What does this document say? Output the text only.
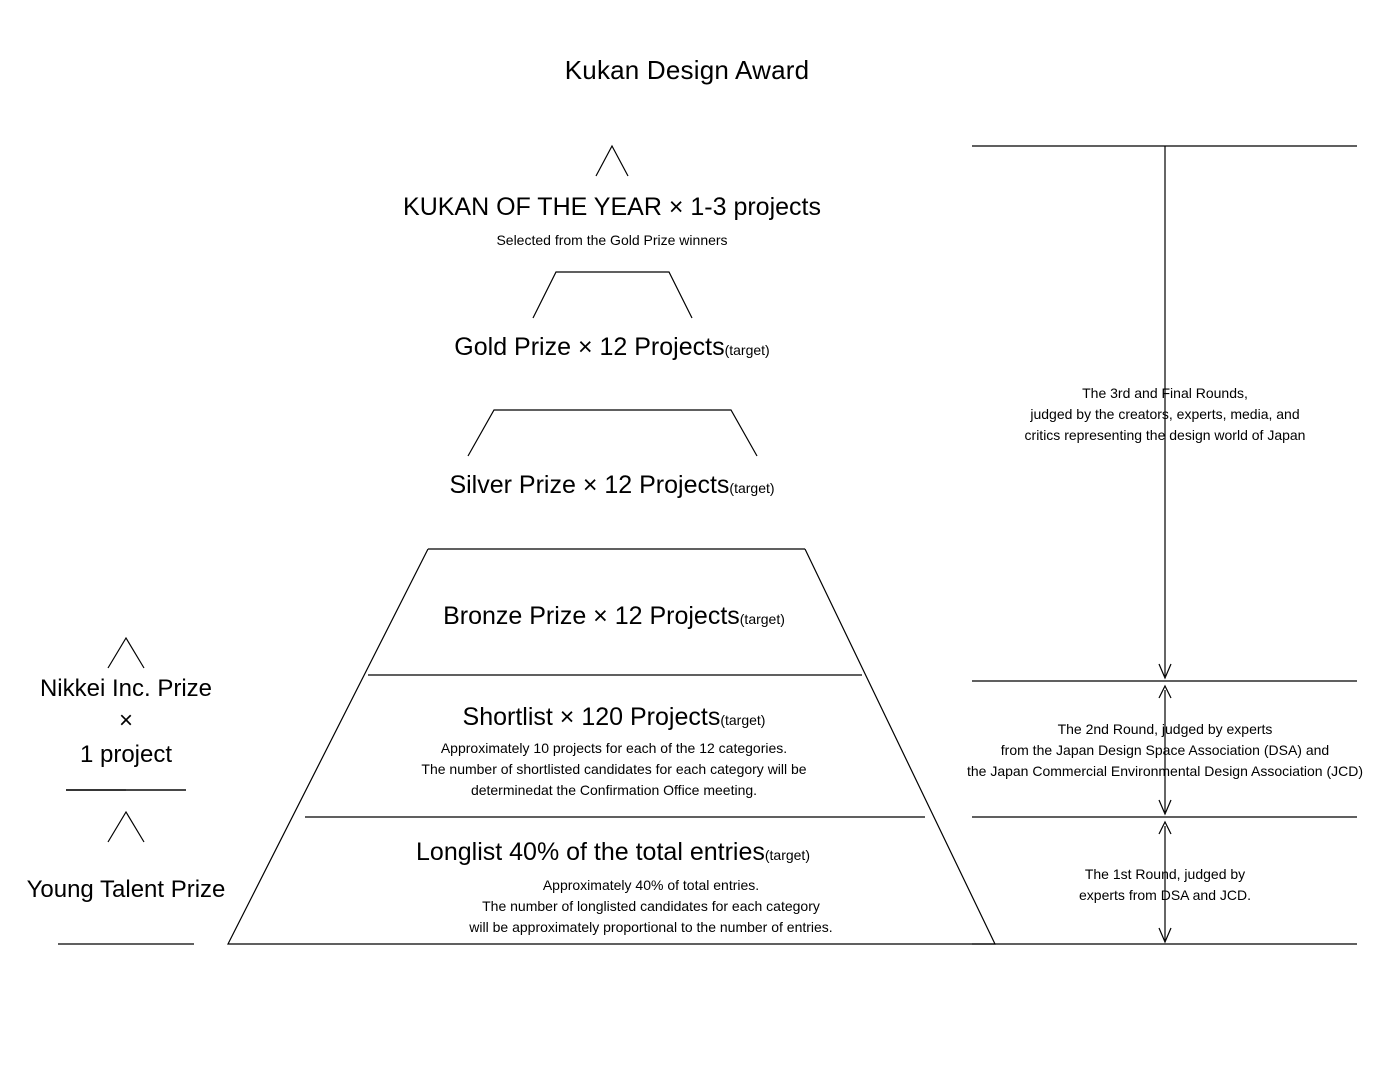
Kukan Design Award
KUKAN OF THE YEAR × 1-3 projects
Selected from the Gold Prize winners
Gold Prize × 12 Projects(target)
Silver Prize × 12 Projects(target)
Bronze Prize × 12 Projects(target)
Shortlist × 120 Projects(target)
Approximately 10 projects for each of the 12 categories.
The number of shortlisted candidates for each category will be
determinedat the Confirmation Office meeting.
Longlist 40% of the total entries(target)
Approximately 40% of total entries.
The number of longlisted candidates for each category
will be approximately proportional to the number of entries.
Nikkei Inc. Prize
×
1 project
Young Talent Prize
The 3rd and Final Rounds,
judged by the creators, experts, media, and
critics representing the design world of Japan
The 2nd Round, judged by experts
from the Japan Design Space Association (DSA) and
the Japan Commercial Environmental Design Association (JCD)
The 1st Round, judged by
experts from DSA and JCD.
